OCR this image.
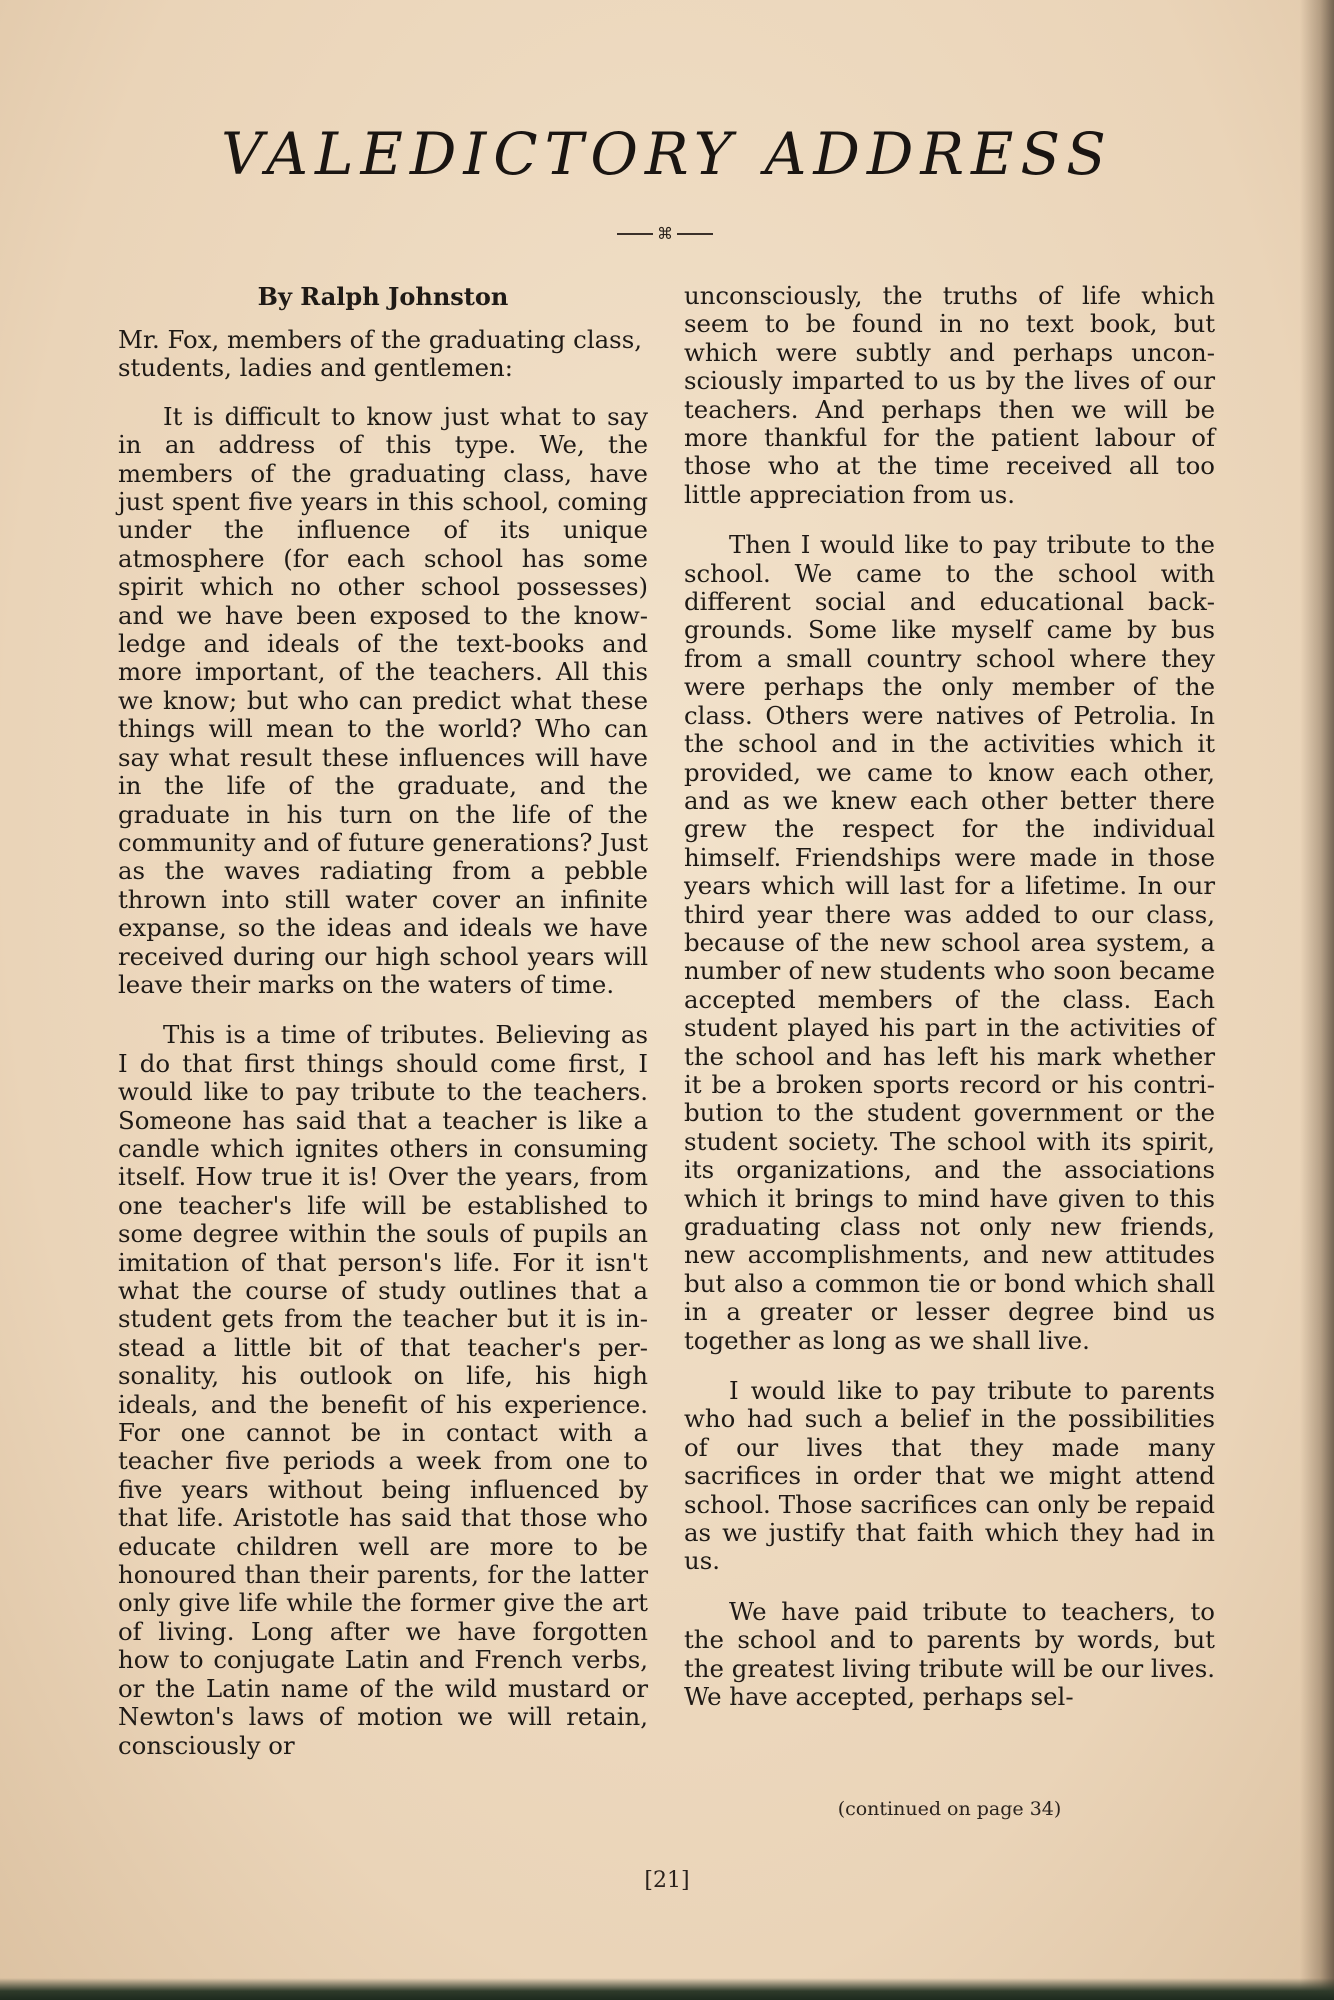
VALEDICTORY ADDRESS
⌘

By Ralph Johnston

Mr. Fox, members of the graduating class, students, ladies and gentlemen:

It is difficult to know just what to say in an address of this type. We, the members of the graduating class, have just spent five years in this school, coming under the influence of its unique atmosphere (for each school has some spirit which no other school possesses) and we have been exposed to the knowledge and ideals of the text-books and more important, of the teachers. All this we know; but who can predict what these things will mean to the world? Who can say what result these influences will have in the life of the graduate, and the graduate in his turn on the life of the community and of future generations? Just as the waves radiating from a pebble thrown into still water cover an infinite expanse, so the ideas and ideals we have received during our high school years will leave their marks on the waters of time.

This is a time of tributes. Believing as I do that first things should come first, I would like to pay tribute to the teachers. Someone has said that a teacher is like a candle which ignites others in consuming itself. How true it is! Over the years, from one teacher's life will be established to some degree within the souls of pupils an imitation of that person's life. For it isn't what the course of study outlines that a student gets from the teacher but it is instead a little bit of that teacher's personality, his outlook on life, his high ideals, and the benefit of his experience. For one cannot be in contact with a teacher five periods a week from one to five years without being influenced by that life. Aristotle has said that those who educate children well are more to be honoured than their parents, for the latter only give life while the former give the art of living. Long after we have forgotten how to conjugate Latin and French verbs, or the Latin name of the wild mustard or Newton's laws of motion we will retain, consciously or

unconsciously, the truths of life which seem to be found in no text book, but which were subtly and perhaps unconsciously imparted to us by the lives of our teachers. And perhaps then we will be more thankful for the patient labour of those who at the time received all too little appreciation from us.

Then I would like to pay tribute to the school. We came to the school with different social and educational backgrounds. Some like myself came by bus from a small country school where they were perhaps the only member of the class. Others were natives of Petrolia. In the school and in the activities which it provided, we came to know each other, and as we knew each other better there grew the respect for the individual himself. Friendships were made in those years which will last for a lifetime. In our third year there was added to our class, because of the new school area system, a number of new students who soon became accepted members of the class. Each student played his part in the activities of the school and has left his mark whether it be a broken sports record or his contribution to the student government or the student society. The school with its spirit, its organizations, and the associations which it brings to mind have given to this graduating class not only new friends, new accomplishments, and new attitudes but also a common tie or bond which shall in a greater or lesser degree bind us together as long as we shall live.

I would like to pay tribute to parents who had such a belief in the possibilities of our lives that they made many sacrifices in order that we might attend school. Those sacrifices can only be repaid as we justify that faith which they had in us.

We have paid tribute to teachers, to the school and to parents by words, but the greatest living tribute will be our lives. We have accepted, perhaps sel-

(continued on page 34)
[21]
